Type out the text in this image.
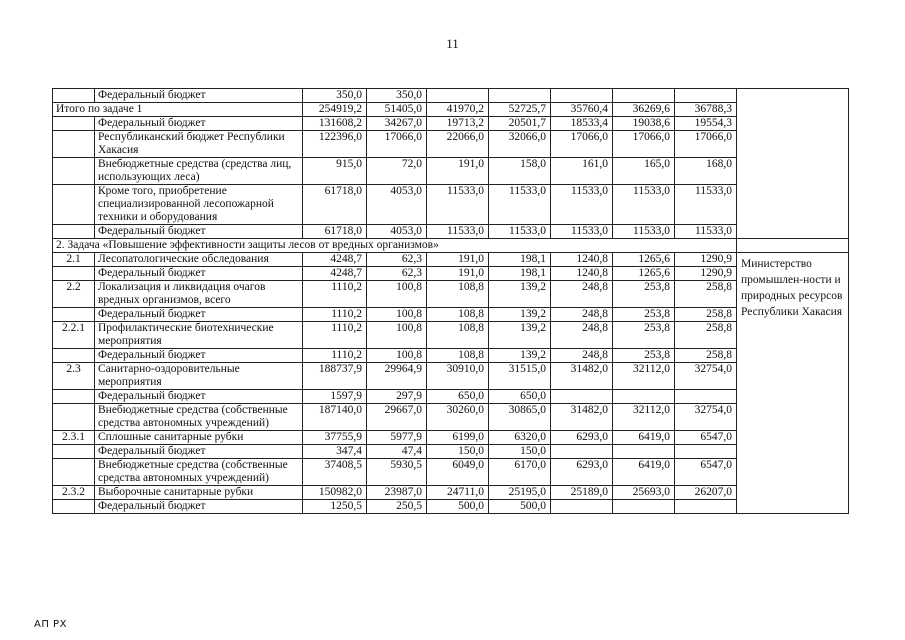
11
	Федеральный бюджет	350,0	350,0						
Итого по задаче 1		254919,2	51405,0	41970,2	52725,7	35760,4	36269,6	36788,3	
	Федеральный бюджет	131608,2	34267,0	19713,2	20501,7	18533,4	19038,6	19554,3	
	Республиканский бюджет Республики Хакасия	122396,0	17066,0	22066,0	32066,0	17066,0	17066,0	17066,0	
	Внебюджетные средства (средства лиц, использующих леса)	915,0	72,0	191,0	158,0	161,0	165,0	168,0	
	Кроме того, приобретение специализированной лесопожарной техники и оборудования	61718,0	4053,0	11533,0	11533,0	11533,0	11533,0	11533,0	
	Федеральный бюджет	61718,0	4053,0	11533,0	11533,0	11533,0	11533,0	11533,0	
2. Задача «Повышение эффективности защиты лесов от вредных организмов»									
2.1	Лесопатологические обследования	4248,7	62,3	191,0	198,1	1240,8	1265,6	1290,9	Министерство промышлен-ности и природных ресурсов Республики Хакасия
	Федеральный бюджет	4248,7	62,3	191,0	198,1	1240,8	1265,6	1290,9	
2.2	Локализация и ликвидация очагов вредных организмов, всего	1110,2	100,8	108,8	139,2	248,8	253,8	258,8	
	Федеральный бюджет	1110,2	100,8	108,8	139,2	248,8	253,8	258,8	
2.2.1	Профилактические биотехнические мероприятия	1110,2	100,8	108,8	139,2	248,8	253,8	258,8	
	Федеральный бюджет	1110,2	100,8	108,8	139,2	248,8	253,8	258,8	
2.3	Санитарно-оздоровительные мероприятия	188737,9	29964,9	30910,0	31515,0	31482,0	32112,0	32754,0	
	Федеральный бюджет	1597,9	297,9	650,0	650,0				
	Внебюджетные средства (собственные средства автономных учреждений)	187140,0	29667,0	30260,0	30865,0	31482,0	32112,0	32754,0	
2.3.1	Сплошные санитарные рубки	37755,9	5977,9	6199,0	6320,0	6293,0	6419,0	6547,0	
	Федеральный бюджет	347,4	47,4	150,0	150,0				
	Внебюджетные средства (собственные средства автономных учреждений)	37408,5	5930,5	6049,0	6170,0	6293,0	6419,0	6547,0	
2.3.2	Выборочные санитарные рубки	150982,0	23987,0	24711,0	25195,0	25189,0	25693,0	26207,0	
	Федеральный бюджет	1250,5	250,5	500,0	500,0				
АП РХ
